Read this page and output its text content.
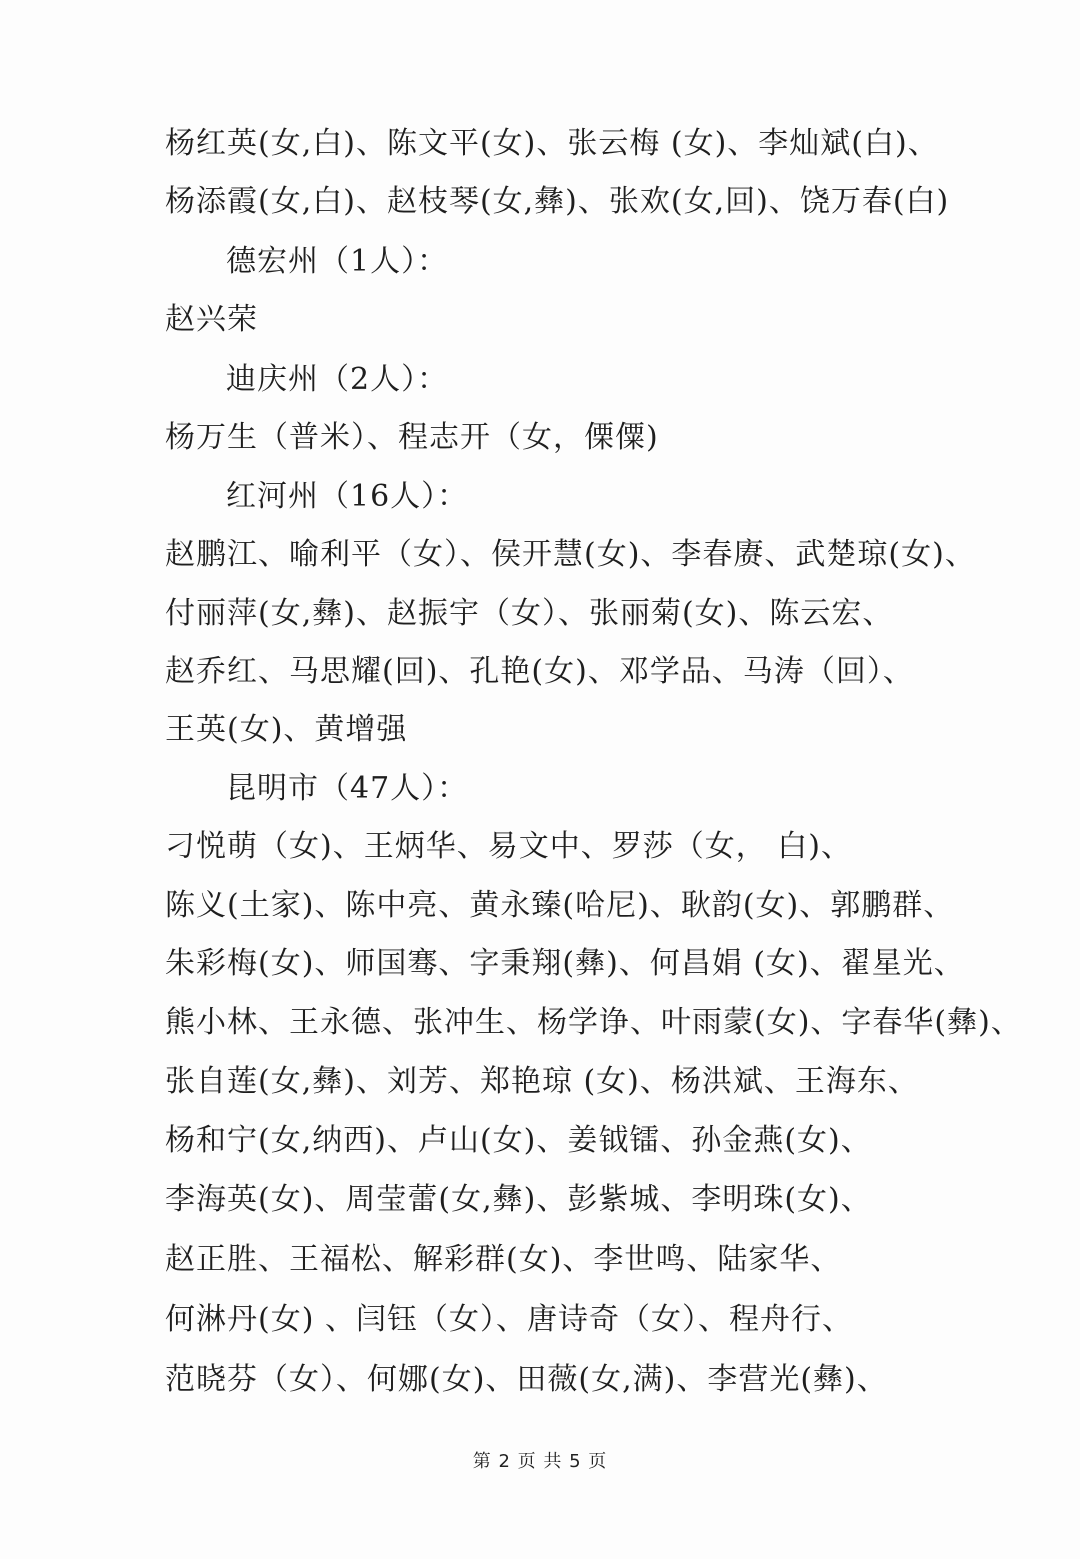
杨红英(女,白)、陈文平(女)、张云梅 (女)、李灿斌(白)、
杨添霞(女,白)、赵枝琴(女,彝)、张欢(女,回)、饶万春(白)
德宏州（1人）：
赵兴荣
迪庆州（2人）：
杨万生（普米）、程志开（女，傈僳)
红河州（16人）：
赵鹏江、喻利平（女）、侯开慧(女)、李春赓、武楚琼(女)、
付丽萍(女,彝)、赵振宇（女）、张丽菊(女)、陈云宏、
赵乔红、马思耀(回)、孔艳(女)、邓学品、马涛（回）、
王英(女)、黄增强
昆明市（47人）：
刁悦萌（女)、王炳华、易文中、罗莎（女， 白)、
陈义(土家)、陈中亮、黄永臻(哈尼)、耿韵(女)、郭鹏群、
朱彩梅(女)、师国骞、字秉翔(彝)、何昌娟 (女)、翟星光、
熊小林、王永德、张冲生、杨学诤、叶雨蒙(女)、字春华(彝)、
张自莲(女,彝)、刘芳、郑艳琼 (女)、杨洪斌、王海东、
杨和宁(女,纳西)、卢山(女)、姜钺镭、孙金燕(女)、
李海英(女)、周莹蕾(女,彝)、彭紫城、李明珠(女)、
赵正胜、王福松、解彩群(女)、李世鸣、陆家华、
何淋丹(女) 、闫钰（女）、唐诗奇（女）、程舟行、
范晓芬（女）、何娜(女)、田薇(女,满)、李营光(彝)、
第 2 页 共 5 页
